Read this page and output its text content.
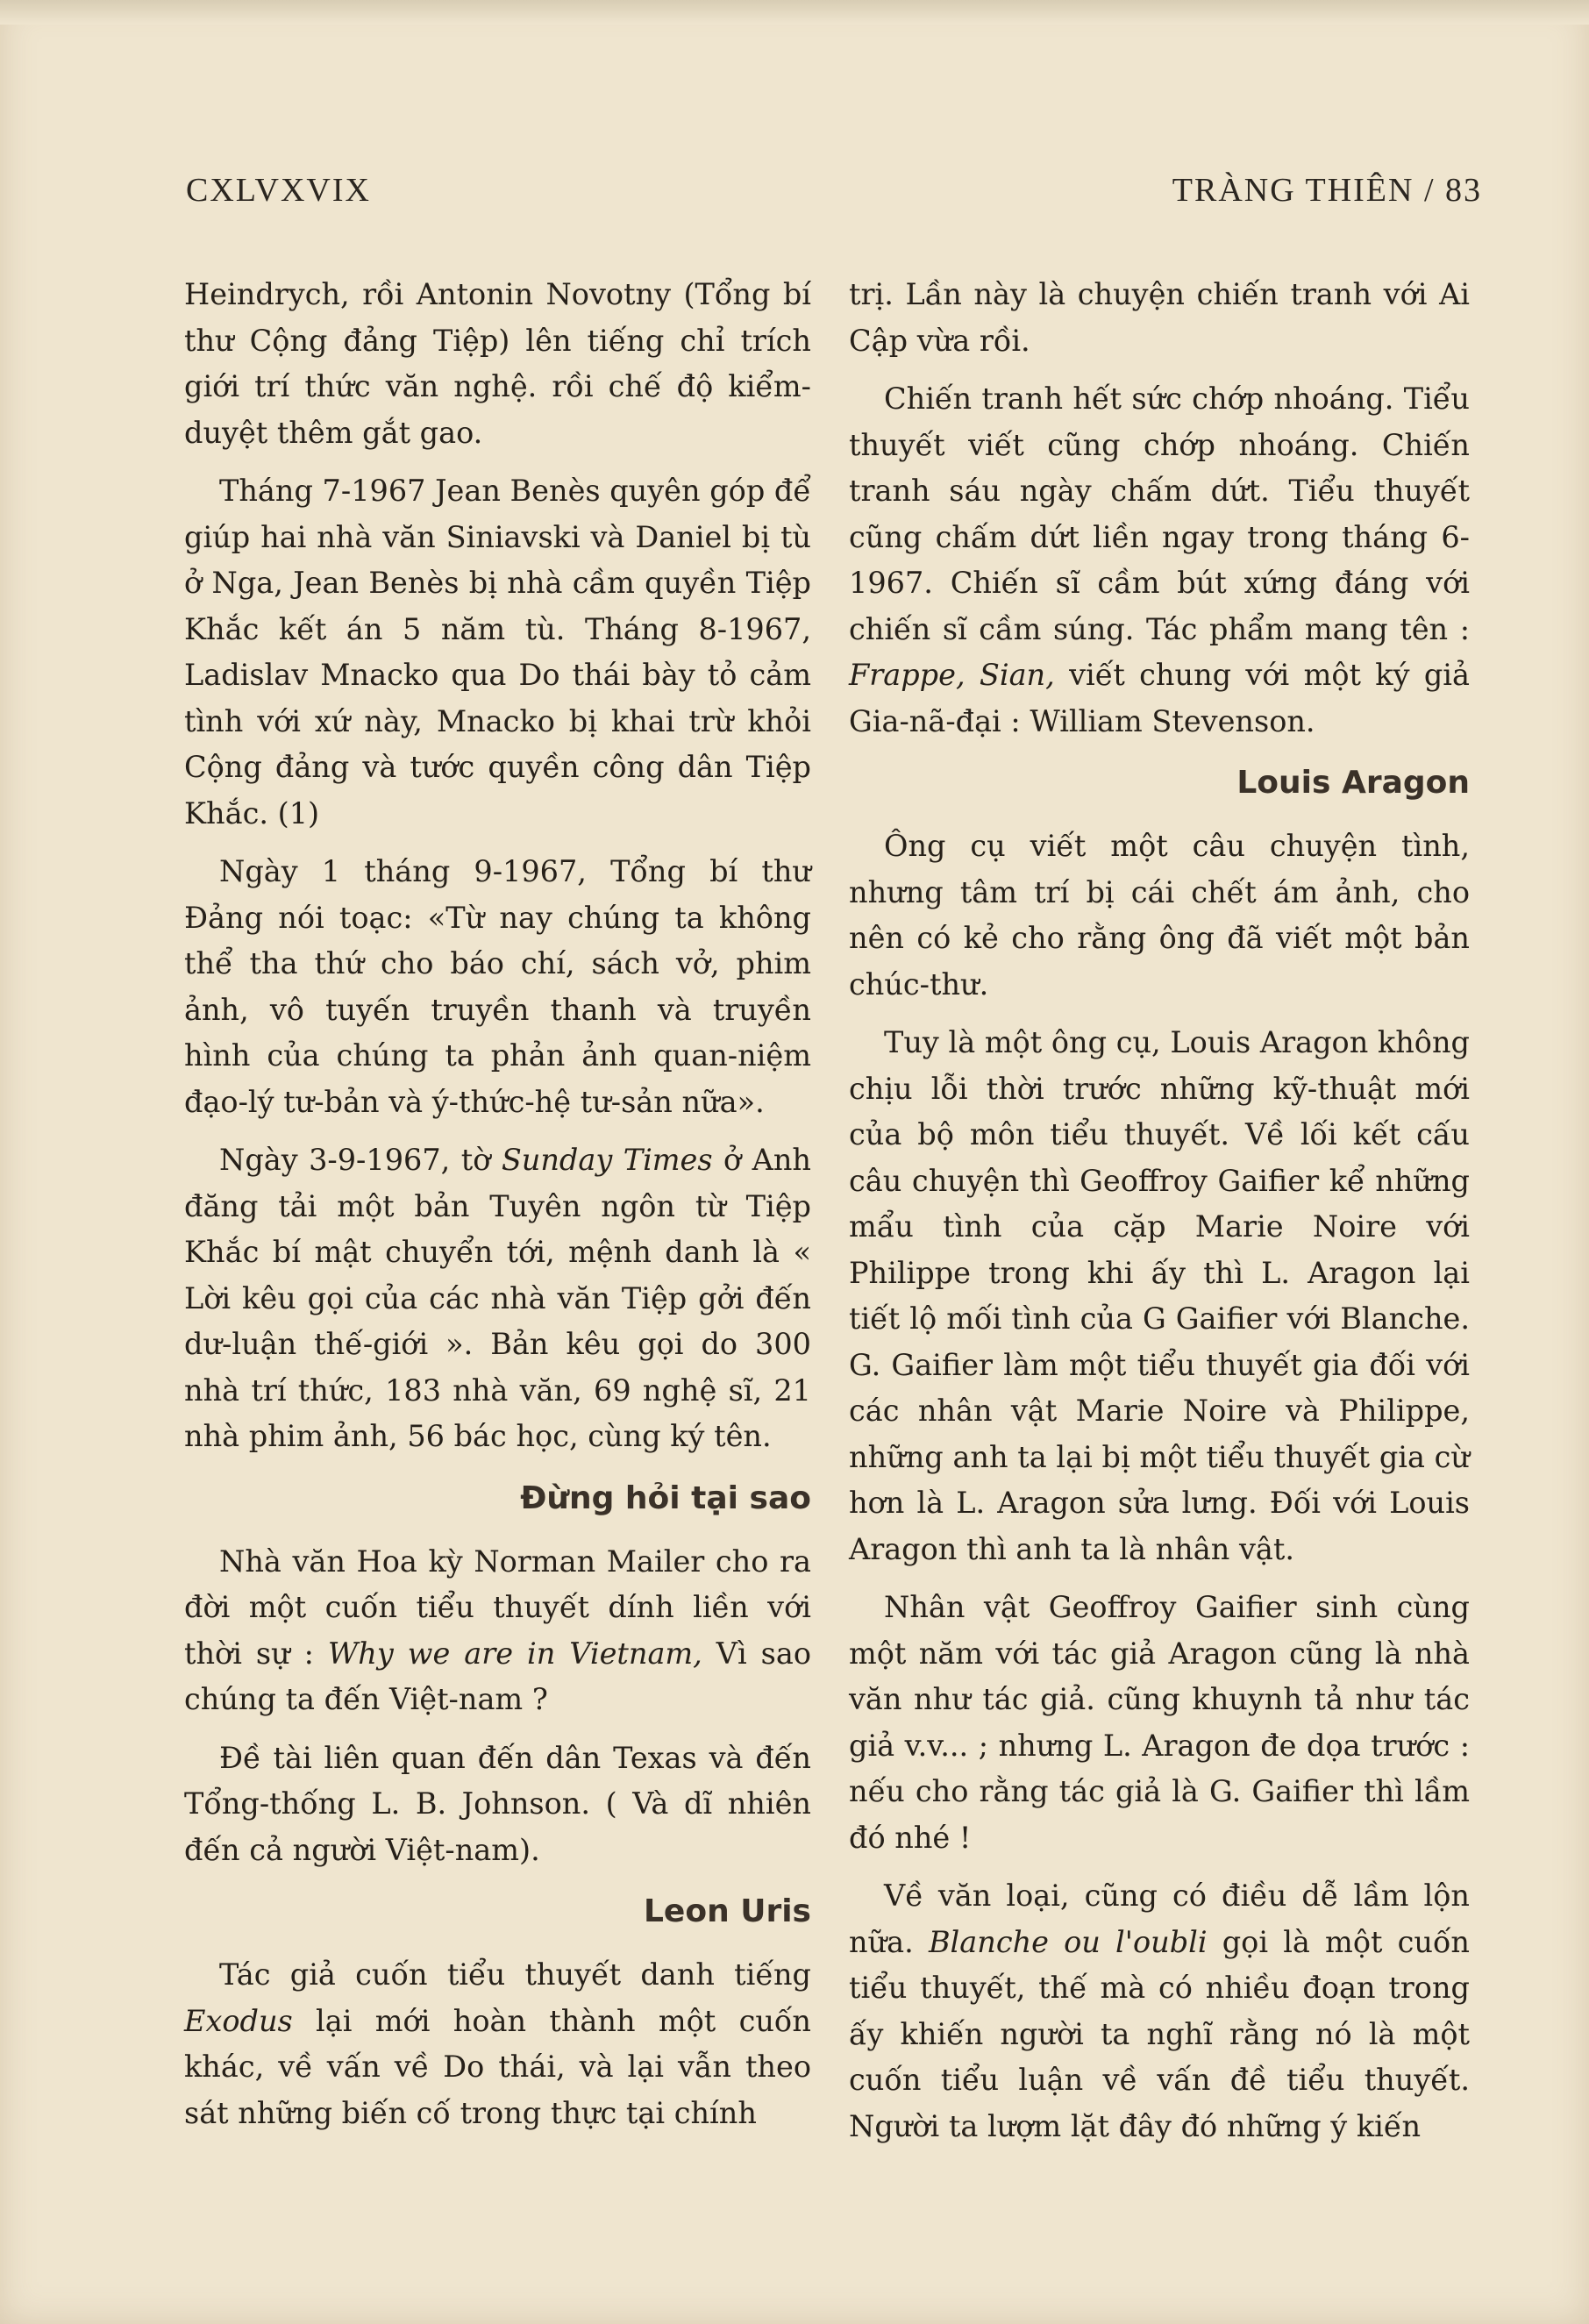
CXLVXVIX	TRÀNG THIÊN / 83

Heindrych, rồi Antonin Novotny (Tổng bí thư Cộng đảng Tiệp) lên tiếng chỉ trích giới trí thức văn nghệ. rồi chế độ kiểm-duyệt thêm gắt gao.

Tháng 7-1967 Jean Benès quyên góp để giúp hai nhà văn Siniavski và Daniel bị tù ở Nga, Jean Benès bị nhà cầm quyền Tiệp Khắc kết án 5 năm tù. Tháng 8-1967, Ladislav Mnacko qua Do thái bày tỏ cảm tình với xứ này, Mnacko bị khai trừ khỏi Cộng đảng và tước quyền công dân Tiệp Khắc. (1)

Ngày 1 tháng 9-1967, Tổng bí thư Đảng nói toạc: «Từ nay chúng ta không thể tha thứ cho báo chí, sách vở, phim ảnh, vô tuyến truyền thanh và truyền hình của chúng ta phản ảnh quan-niệm đạo-lý tư-bản và ý-thức-hệ tư-sản nữa».

Ngày 3-9-1967, tờ Sunday Times ở Anh đăng tải một bản Tuyên ngôn từ Tiệp Khắc bí mật chuyển tới, mệnh danh là « Lời kêu gọi của các nhà văn Tiệp gởi đến dư-luận thế-giới ». Bản kêu gọi do 300 nhà trí thức, 183 nhà văn, 69 nghệ sĩ, 21 nhà phim ảnh, 56 bác học, cùng ký tên.

Đừng hỏi tại sao

Nhà văn Hoa kỳ Norman Mailer cho ra đời một cuốn tiểu thuyết dính liền với thời sự : Why we are in Vietnam, Vì sao chúng ta đến Việt-nam ?

Đề tài liên quan đến dân Texas và đến Tổng-thống L. B. Johnson. ( Và dĩ nhiên đến cả người Việt-nam).

Leon Uris

Tác giả cuốn tiểu thuyết danh tiếng Exodus lại mới hoàn thành một cuốn khác, về vấn về Do thái, và lại vẫn theo sát những biến cố trong thực tại chính

trị. Lần này là chuyện chiến tranh với Ai Cập vừa rồi.

Chiến tranh hết sức chớp nhoáng. Tiểu thuyết viết cũng chớp nhoáng. Chiến tranh sáu ngày chấm dứt. Tiểu thuyết cũng chấm dứt liền ngay trong tháng 6-1967. Chiến sĩ cầm bút xứng đáng với chiến sĩ cầm súng. Tác phẩm mang tên : Frappe, Sian, viết chung với một ký giả Gia-nã-đại : William Stevenson.

Louis Aragon

Ông cụ viết một câu chuyện tình, nhưng tâm trí bị cái chết ám ảnh, cho nên có kẻ cho rằng ông đã viết một bản chúc-thư.

Tuy là một ông cụ, Louis Aragon không chịu lỗi thời trước những kỹ-thuật mới của bộ môn tiểu thuyết. Về lối kết cấu câu chuyện thì Geoffroy Gaifier kể những mẩu tình của cặp Marie Noire với Philippe trong khi ấy thì L. Aragon lại tiết lộ mối tình của G Gaifier với Blanche. G. Gaifier làm một tiểu thuyết gia đối với các nhân vật Marie Noire và Philippe, những anh ta lại bị một tiểu thuyết gia cừ hơn là L. Aragon sửa lưng. Đối với Louis Aragon thì anh ta là nhân vật.

Nhân vật Geoffroy Gaifier sinh cùng một năm với tác giả Aragon cũng là nhà văn như tác giả. cũng khuynh tả như tác giả v.v... ; nhưng L. Aragon đe dọa trước : nếu cho rằng tác giả là G. Gaifier thì lầm đó nhé !

Về văn loại, cũng có điều dễ lầm lộn nữa. Blanche ou l'oubli gọi là một cuốn tiểu thuyết, thế mà có nhiều đoạn trong ấy khiến người ta nghĩ rằng nó là một cuốn tiểu luận về vấn đề tiểu thuyết. Người ta lượm lặt đây đó những ý kiến
